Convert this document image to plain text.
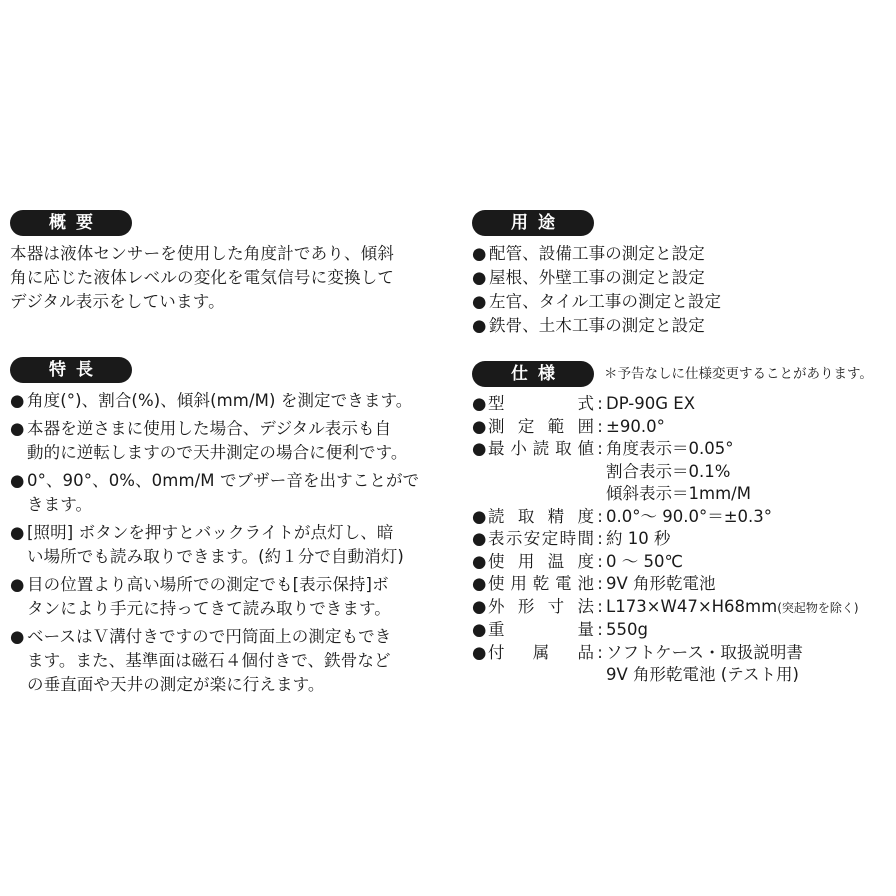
概要

本器は液体センサーを使用した角度計であり、傾斜
角に応じた液体レベルの変化を電気信号に変換して
デジタル表示をしています。

特長
● 角度(°)、割合(%)、傾斜(mm/M) を測定できます。
● 本器を逆さまに使用した場合、デジタル表示も自
動的に逆転しますので天井測定の場合に便利です。
● 0°、90°、0%、0mm/M でブザー音を出すことがで
きます。
● [照明] ボタンを押すとバックライトが点灯し、暗
い場所でも読み取りできます。(約１分で自動消灯)
● 目の位置より高い場所での測定でも[表示保持]ボ
タンにより手元に持ってきて読み取りできます。
● ベースはＶ溝付きですので円筒面上の測定もでき
ます。また、基準面は磁石４個付きで、鉄骨など
の垂直面や天井の測定が楽に行えます。
用途
● 配管、設備工事の測定と設定
● 屋根、外壁工事の測定と設定
● 左官、タイル工事の測定と設定
● 鉄骨、土木工事の測定と設定
仕様	＊予告なしに仕様変更することがあります。
● 型式 : DP-90G EX
● 測定範囲 : ±90.0°
● 最小読取値 : 角度表示＝0.05°
割合表示＝0.1%
傾斜表示＝1mm/M
● 読取精度 : 0.0°～ 90.0°＝±0.3°
● 表示安定時間 : 約 10 秒
● 使用温度 : 0 ～ 50℃
● 使用乾電池 : 9V 角形乾電池
● 外形寸法 : L173×W47×H68mm(突起物を除く)
● 重量 : 550g
● 付属品 : ソフトケース・取扱説明書
9V 角形乾電池 (テスト用)
